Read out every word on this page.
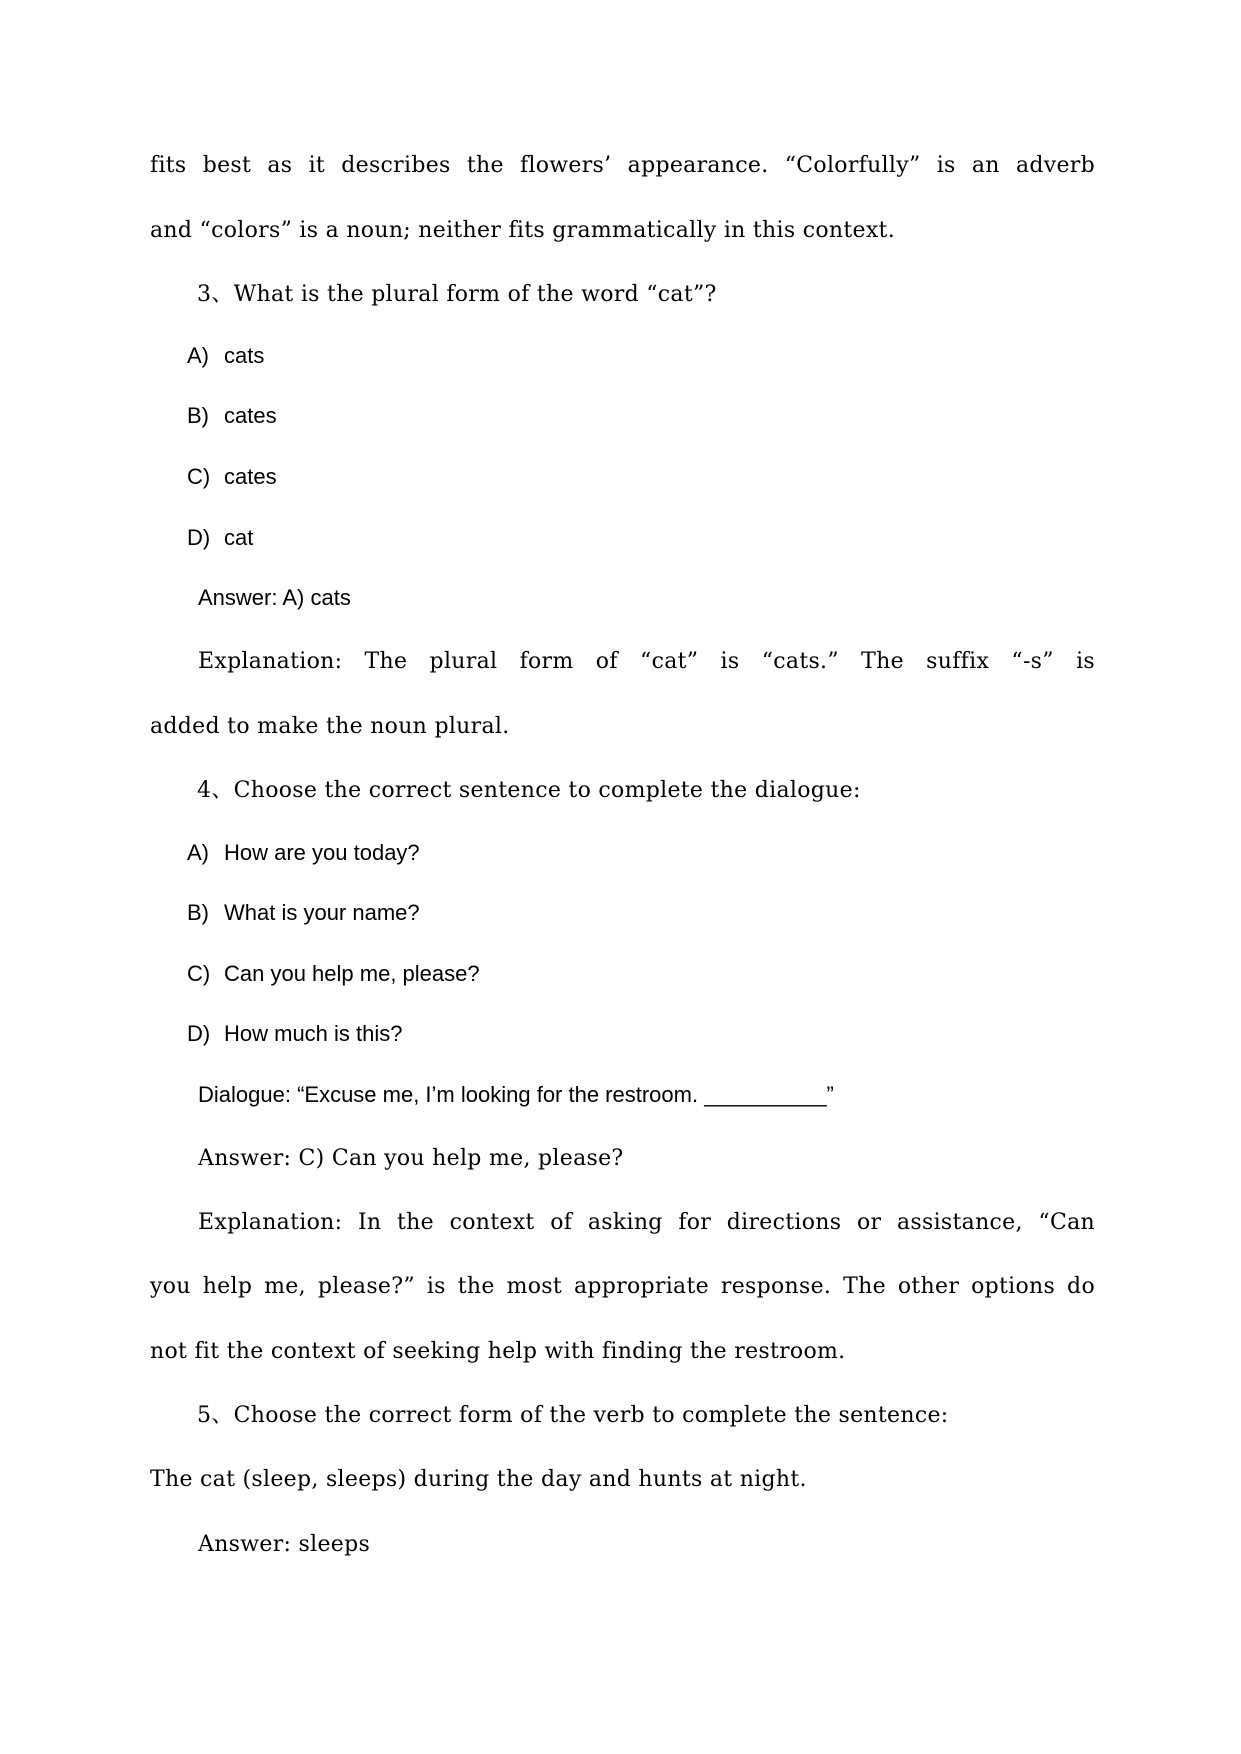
fits best as it describes the flowers’ appearance. “Colorfully” is an adverb
and “colors” is a noun; neither fits grammatically in this context.
3、What is the plural form of the word “cat”?
A) cats
B) cates
C) cates
D) cat
Answer: A) cats
Explanation: The plural form of “cat” is “cats.” The suffix “-s” is
added to make the noun plural.
4、Choose the correct sentence to complete the dialogue:
A) How are you today?
B) What is your name?
C) Can you help me, please?
D) How much is this?
Dialogue: “Excuse me, I’m looking for the restroom. __________”
Answer: C) Can you help me, please?
Explanation: In the context of asking for directions or assistance, “Can
you help me, please?” is the most appropriate response. The other options do
not fit the context of seeking help with finding the restroom.
5、Choose the correct form of the verb to complete the sentence:
The cat (sleep, sleeps) during the day and hunts at night.
Answer: sleeps
